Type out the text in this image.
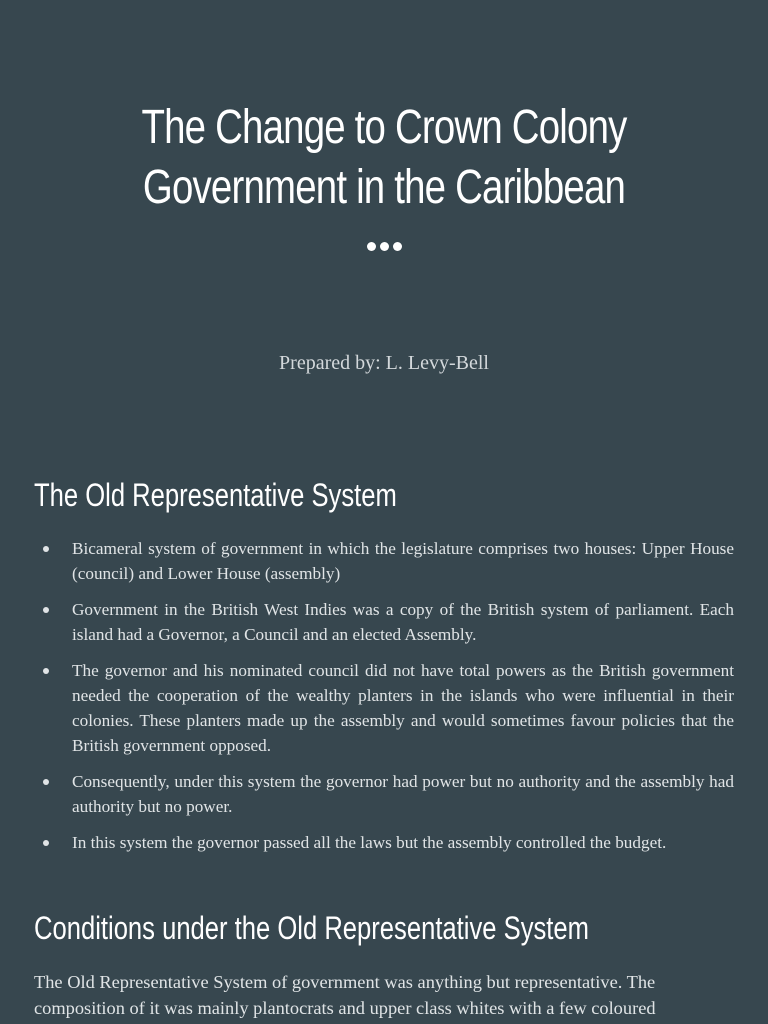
The Change to Crown Colony
Government in the Caribbean
Prepared by: L. Levy-Bell
The Old Representative System
Bicameral system of government in which the legislature comprises two houses: Upper House (council) and Lower House (assembly)
Government in the British West Indies was a copy of the British system of parliament. Each island had a Governor, a Council and an elected Assembly.
The governor and his nominated council did not have total powers as the British government needed the cooperation of the wealthy planters in the islands who were influential in their colonies. These planters made up the assembly and would sometimes favour policies that the British government opposed.
Consequently, under this system the governor had power but no authority and the assembly had authority but no power.
In this system the governor passed all the laws but the assembly controlled the budget.
Conditions under the Old Representative System

The Old Representative System of government was anything but representative. The composition of it was mainly plantocrats and upper class whites with a few coloured
